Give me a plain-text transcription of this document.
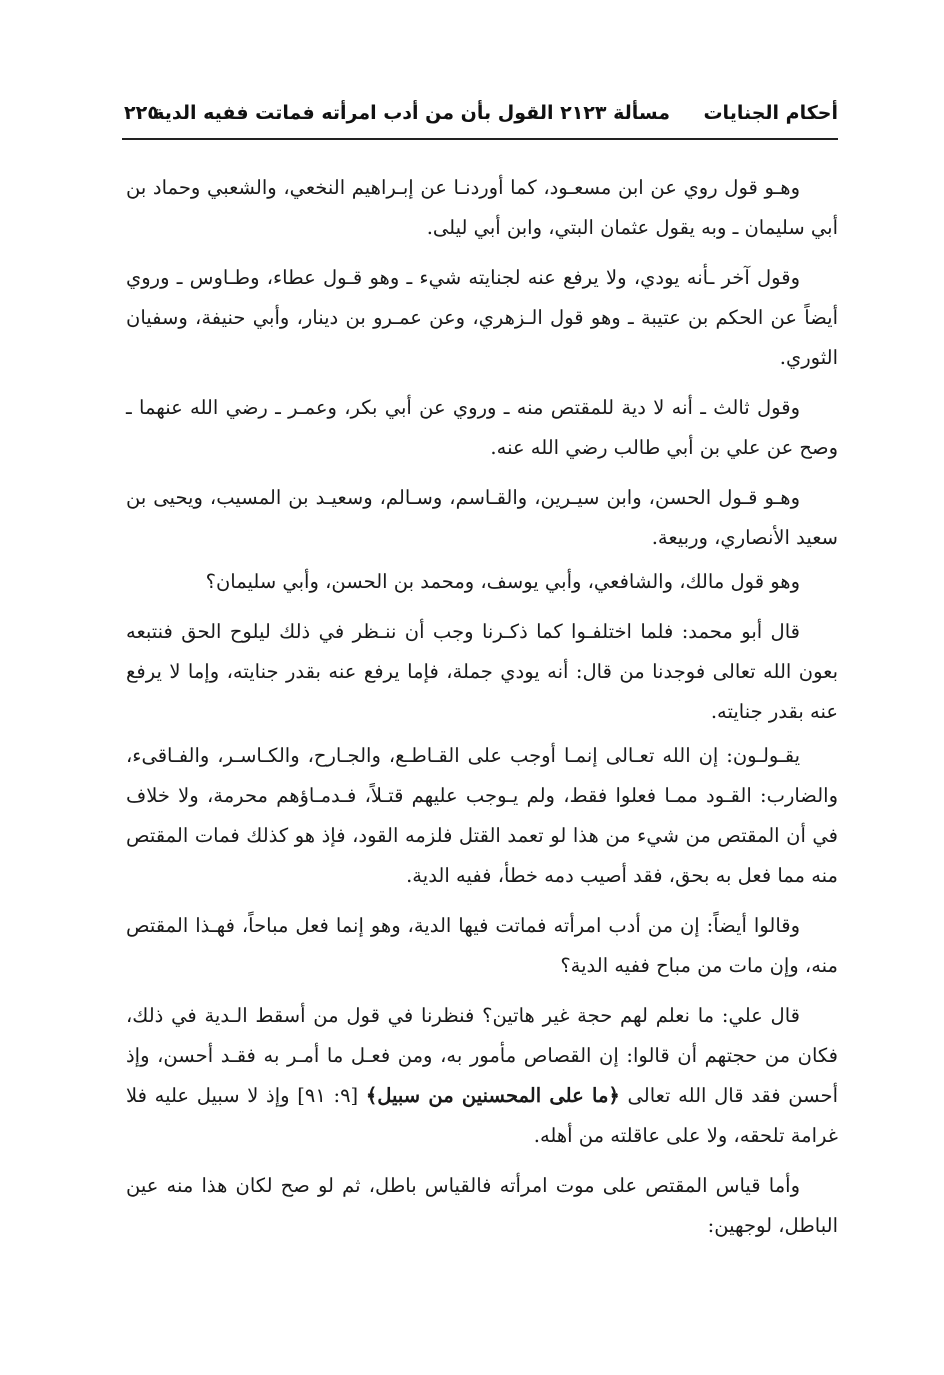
أحكام الجنايات
مسألة ٢١٢٣ القول بأن من أدب امرأته فماتت ففيه الدية
٢٢٥

وهـو قول روي عن ابن مسعـود، كما أوردنـا عن إبـراهيم النخعي، والشعبي وحماد بن أبي سليمان ـ وبه يقول عثمان البتي، وابن أبي ليلى.

وقول آخر ـأنه يودي، ولا يرفع عنه لجنايته شيء ـ وهو قـول عطاء، وطـاوس ـ وروي أيضاً عن الحكم بن عتيبة ـ وهو قول الـزهري، وعن عمـرو بن دينار، وأبي حنيفة، وسفيان الثوري.

وقول ثالث ـ أنه لا دية للمقتص منه ـ وروي عن أبي بكر، وعمـر ـ رضي الله عنهما ـ وصح عن علي بن أبي طالب رضي الله عنه.

وهـو قـول الحسن، وابن سيـرين، والقـاسم، وسـالم، وسعيـد بن المسيب، ويحيى بن سعيد الأنصاري، وربيعة.

وهو قول مالك، والشافعي، وأبي يوسف، ومحمد بن الحسن، وأبي سليمان؟

قال أبو محمد: فلما اختلفـوا كما ذكـرنا وجب أن ننـظر في ذلك ليلوح الحق فنتبعه بعون الله تعالى فوجدنا من قال: أنه يودي جملة، فإما يرفع عنه بقدر جنايته، وإما لا يرفع عنه بقدر جنايته.

يقـولـون: إن الله تعـالى إنمـا أوجب على القـاطـع، والجـارح، والكـاسـر، والفـاقىء، والضارب: القـود ممـا فعلوا فقط، ولم يـوجب عليهم قتـلاً، فـدمـاؤهم محرمة، ولا خلاف في أن المقتص من شيء من هذا لو تعمد القتل فلزمه القود، فإذ هو كذلك فمات المقتص منه مما فعل به بحق، فقد أصيب دمه خطأ، ففيه الدية.

وقالوا أيضاً: إن من أدب امرأته فماتت فيها الدية، وهو إنما فعل مباحاً، فهـذا المقتص منه، وإن مات من مباح ففيه الدية؟

قال علي: ما نعلم لهم حجة غير هاتين؟ فنظرنا في قول من أسقط الـدية في ذلك، فكان من حجتهم أن قالوا: إن القصاص مأمور به، ومن فعـل ما أمـر به فقـد أحسن، وإذ أحسن فقد قال الله تعالى ﴿ما على المحسنين من سبيل﴾ [٩: ٩١] وإذ لا سبيل عليه فلا غرامة تلحقه، ولا على عاقلته من أهله.

وأما قياس المقتص على موت امرأته فالقياس باطل، ثم لو صح لكان هذا منه عين الباطل، لوجهين:
